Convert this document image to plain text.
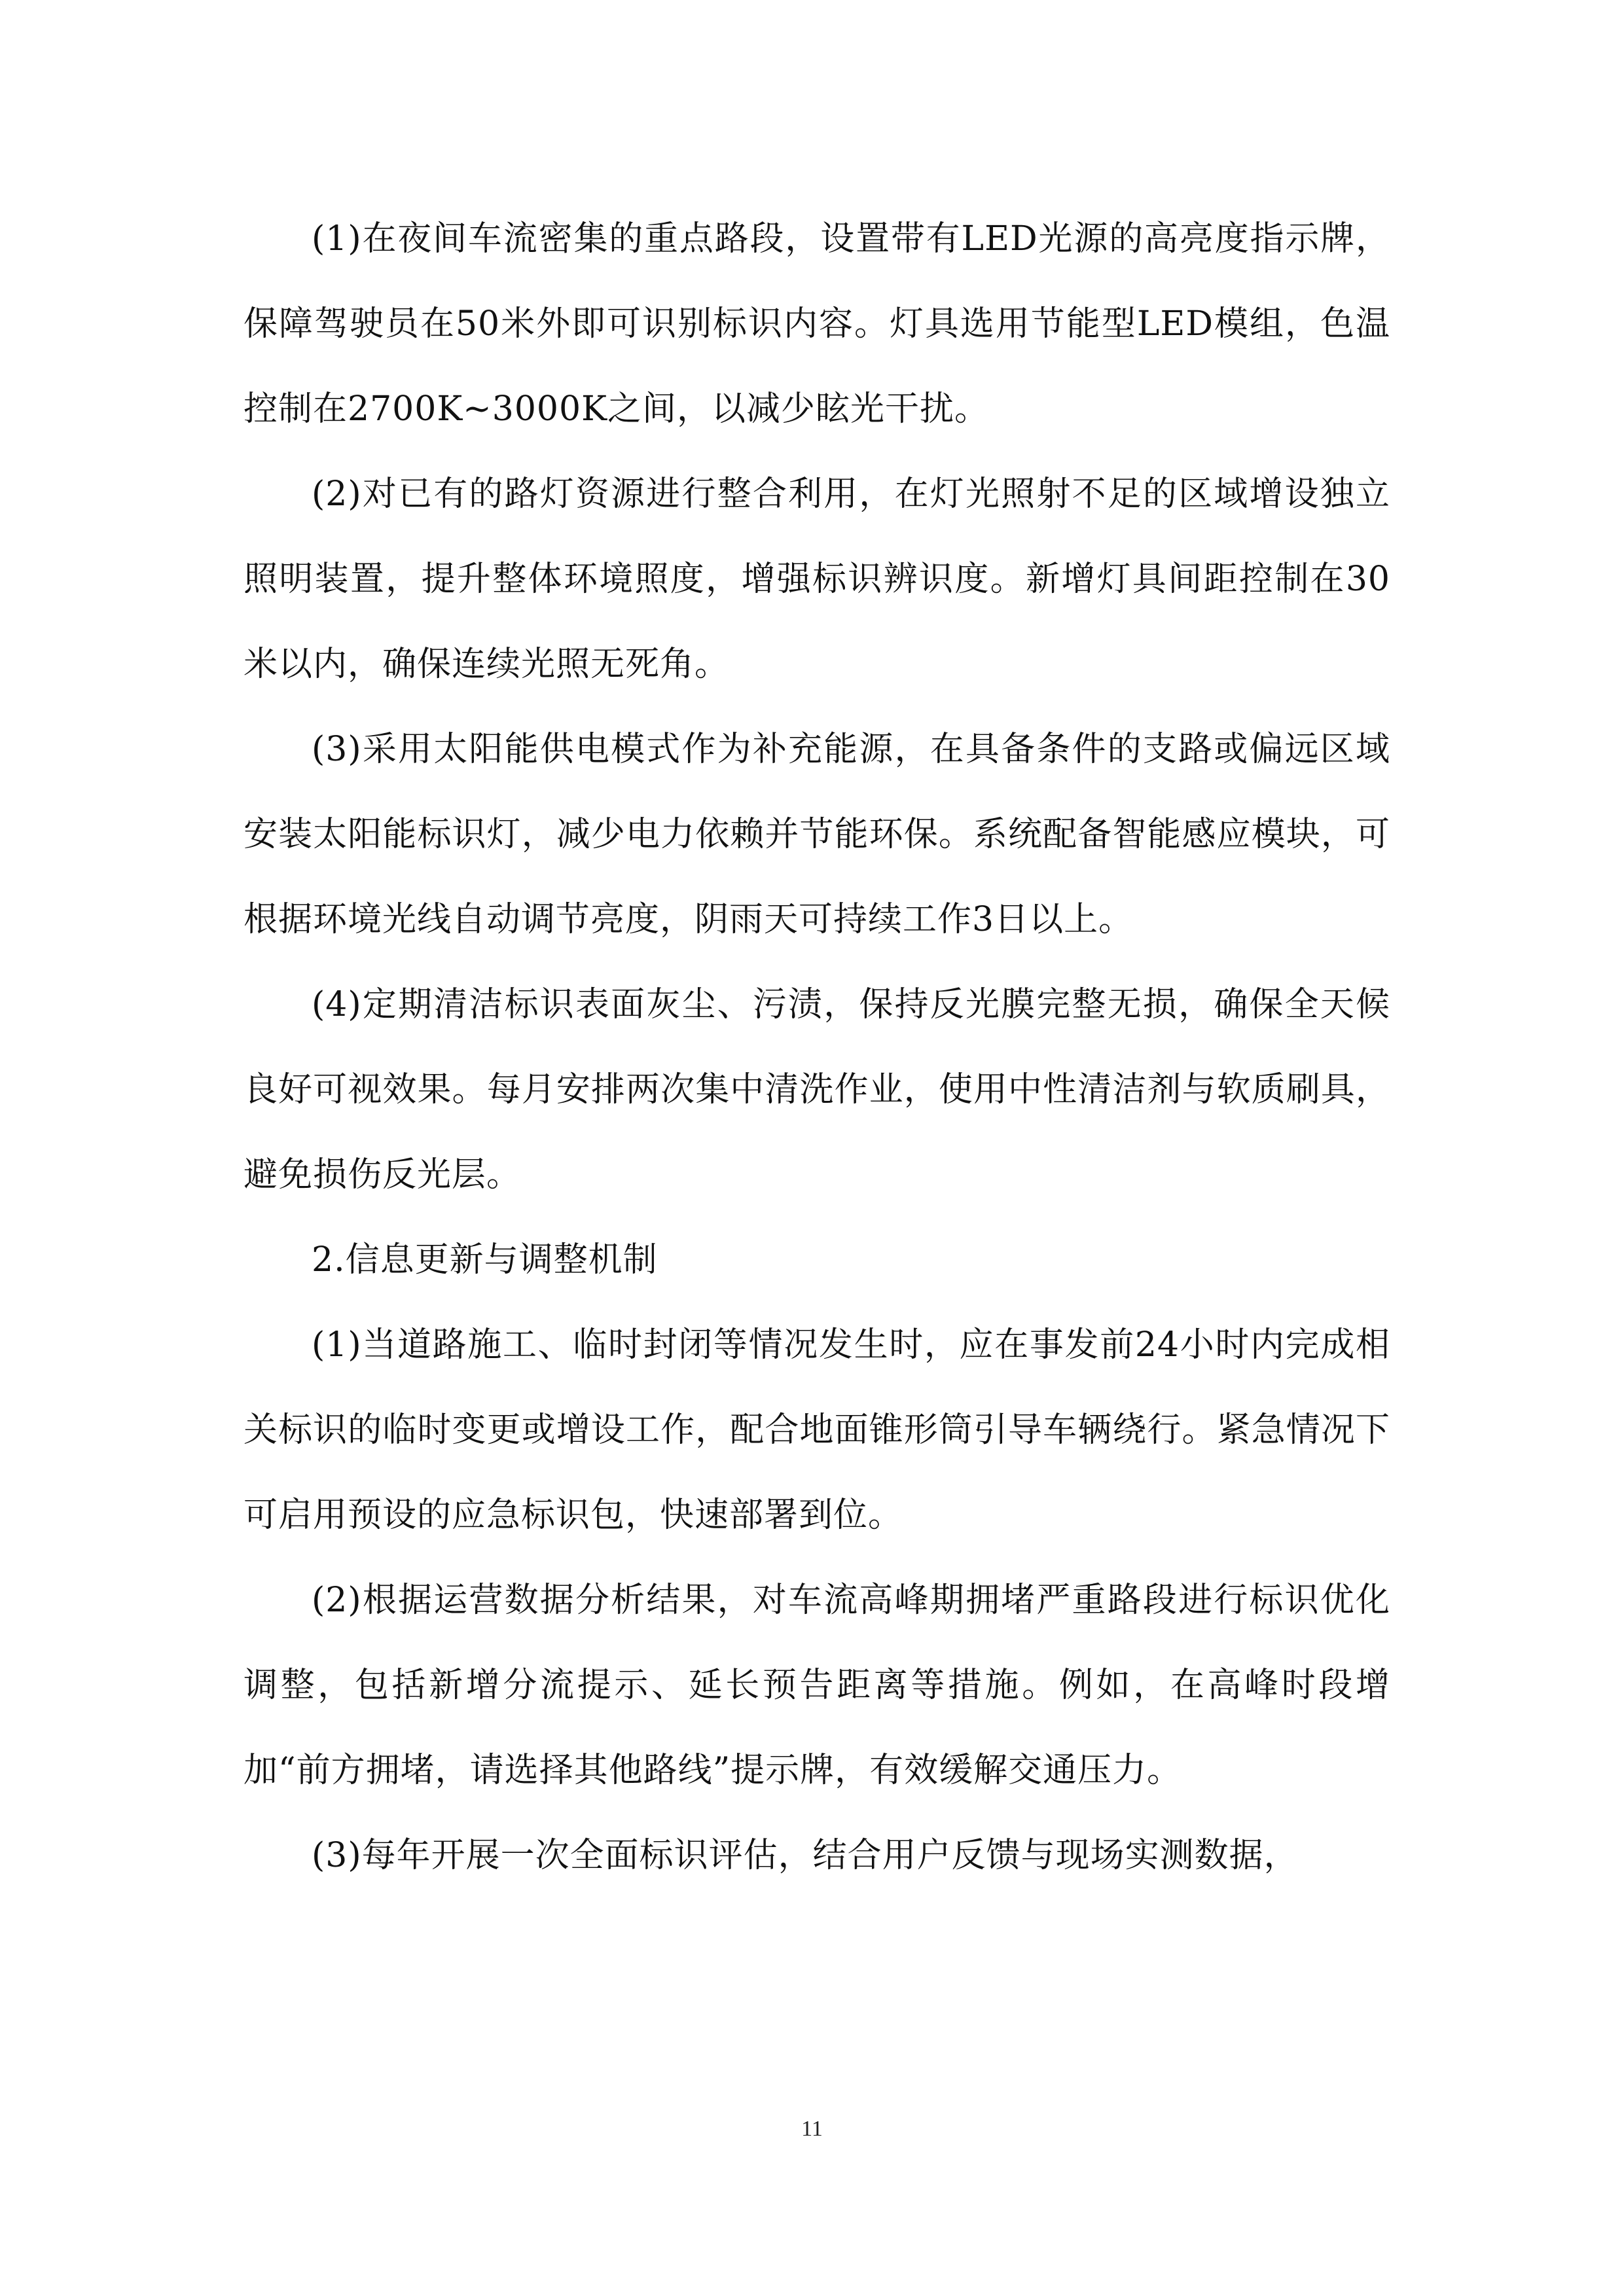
(1)在夜间车流密集的重点路段，设置带有LED光源的高亮度指示牌，保障驾驶员在50米外即可识别标识内容。灯具选用节能型LED模组，色温控制在2700K~3000K之间，以减少眩光干扰。

(2)对已有的路灯资源进行整合利用，在灯光照射不足的区域增设独立照明装置，提升整体环境照度，增强标识辨识度。新增灯具间距控制在30米以内，确保连续光照无死角。

(3)采用太阳能供电模式作为补充能源，在具备条件的支路或偏远区域安装太阳能标识灯，减少电力依赖并节能环保。系统配备智能感应模块，可根据环境光线自动调节亮度，阴雨天可持续工作3日以上。

(4)定期清洁标识表面灰尘、污渍，保持反光膜完整无损，确保全天候良好可视效果。每月安排两次集中清洗作业，使用中性清洁剂与软质刷具，避免损伤反光层。

2.信息更新与调整机制

(1)当道路施工、临时封闭等情况发生时，应在事发前24小时内完成相关标识的临时变更或增设工作，配合地面锥形筒引导车辆绕行。紧急情况下可启用预设的应急标识包，快速部署到位。

(2)根据运营数据分析结果，对车流高峰期拥堵严重路段进行标识优化调整，包括新增分流提示、延长预告距离等措施。例如，在高峰时段增加“前方拥堵，请选择其他路线”提示牌，有效缓解交通压力。

(3)每年开展一次全面标识评估，结合用户反馈与现场实测数据，

11
